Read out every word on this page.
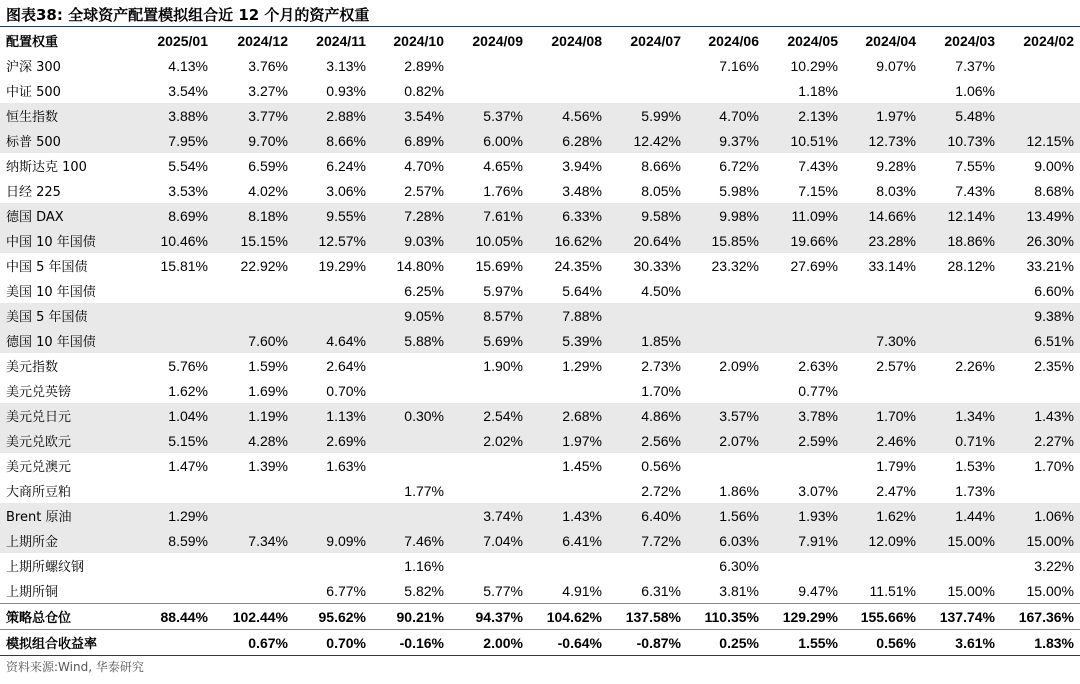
图表38: 全球资产配置模拟组合近 12 个月的资产权重
配置权重	2025/01	2024/12	2024/11	2024/10	2024/09	2024/08	2024/07	2024/06	2024/05	2024/04	2024/03	2024/02
沪深 300	4.13%	3.76%	3.13%	2.89%				7.16%	10.29%	9.07%	7.37%	
中证 500	3.54%	3.27%	0.93%	0.82%					1.18%		1.06%	
恒生指数	3.88%	3.77%	2.88%	3.54%	5.37%	4.56%	5.99%	4.70%	2.13%	1.97%	5.48%	
标普 500	7.95%	9.70%	8.66%	6.89%	6.00%	6.28%	12.42%	9.37%	10.51%	12.73%	10.73%	12.15%
纳斯达克 100	5.54%	6.59%	6.24%	4.70%	4.65%	3.94%	8.66%	6.72%	7.43%	9.28%	7.55%	9.00%
日经 225	3.53%	4.02%	3.06%	2.57%	1.76%	3.48%	8.05%	5.98%	7.15%	8.03%	7.43%	8.68%
德国 DAX	8.69%	8.18%	9.55%	7.28%	7.61%	6.33%	9.58%	9.98%	11.09%	14.66%	12.14%	13.49%
中国 10 年国债	10.46%	15.15%	12.57%	9.03%	10.05%	16.62%	20.64%	15.85%	19.66%	23.28%	18.86%	26.30%
中国 5 年国债	15.81%	22.92%	19.29%	14.80%	15.69%	24.35%	30.33%	23.32%	27.69%	33.14%	28.12%	33.21%
美国 10 年国债				6.25%	5.97%	5.64%	4.50%					6.60%
美国 5 年国债				9.05%	8.57%	7.88%						9.38%
德国 10 年国债		7.60%	4.64%	5.88%	5.69%	5.39%	1.85%			7.30%		6.51%
美元指数	5.76%	1.59%	2.64%		1.90%	1.29%	2.73%	2.09%	2.63%	2.57%	2.26%	2.35%
美元兑英镑	1.62%	1.69%	0.70%				1.70%		0.77%			
美元兑日元	1.04%	1.19%	1.13%	0.30%	2.54%	2.68%	4.86%	3.57%	3.78%	1.70%	1.34%	1.43%
美元兑欧元	5.15%	4.28%	2.69%		2.02%	1.97%	2.56%	2.07%	2.59%	2.46%	0.71%	2.27%
美元兑澳元	1.47%	1.39%	1.63%			1.45%	0.56%			1.79%	1.53%	1.70%
大商所豆粕				1.77%			2.72%	1.86%	3.07%	2.47%	1.73%	
Brent 原油	1.29%				3.74%	1.43%	6.40%	1.56%	1.93%	1.62%	1.44%	1.06%
上期所金	8.59%	7.34%	9.09%	7.46%	7.04%	6.41%	7.72%	6.03%	7.91%	12.09%	15.00%	15.00%
上期所螺纹钢				1.16%				6.30%				3.22%
上期所铜			6.77%	5.82%	5.77%	4.91%	6.31%	3.81%	9.47%	11.51%	15.00%	15.00%
策略总仓位	88.44%	102.44%	95.62%	90.21%	94.37%	104.62%	137.58%	110.35%	129.29%	155.66%	137.74%	167.36%
模拟组合收益率		0.67%	0.70%	-0.16%	2.00%	-0.64%	-0.87%	0.25%	1.55%	0.56%	3.61%	1.83%
资料来源:Wind, 华泰研究
